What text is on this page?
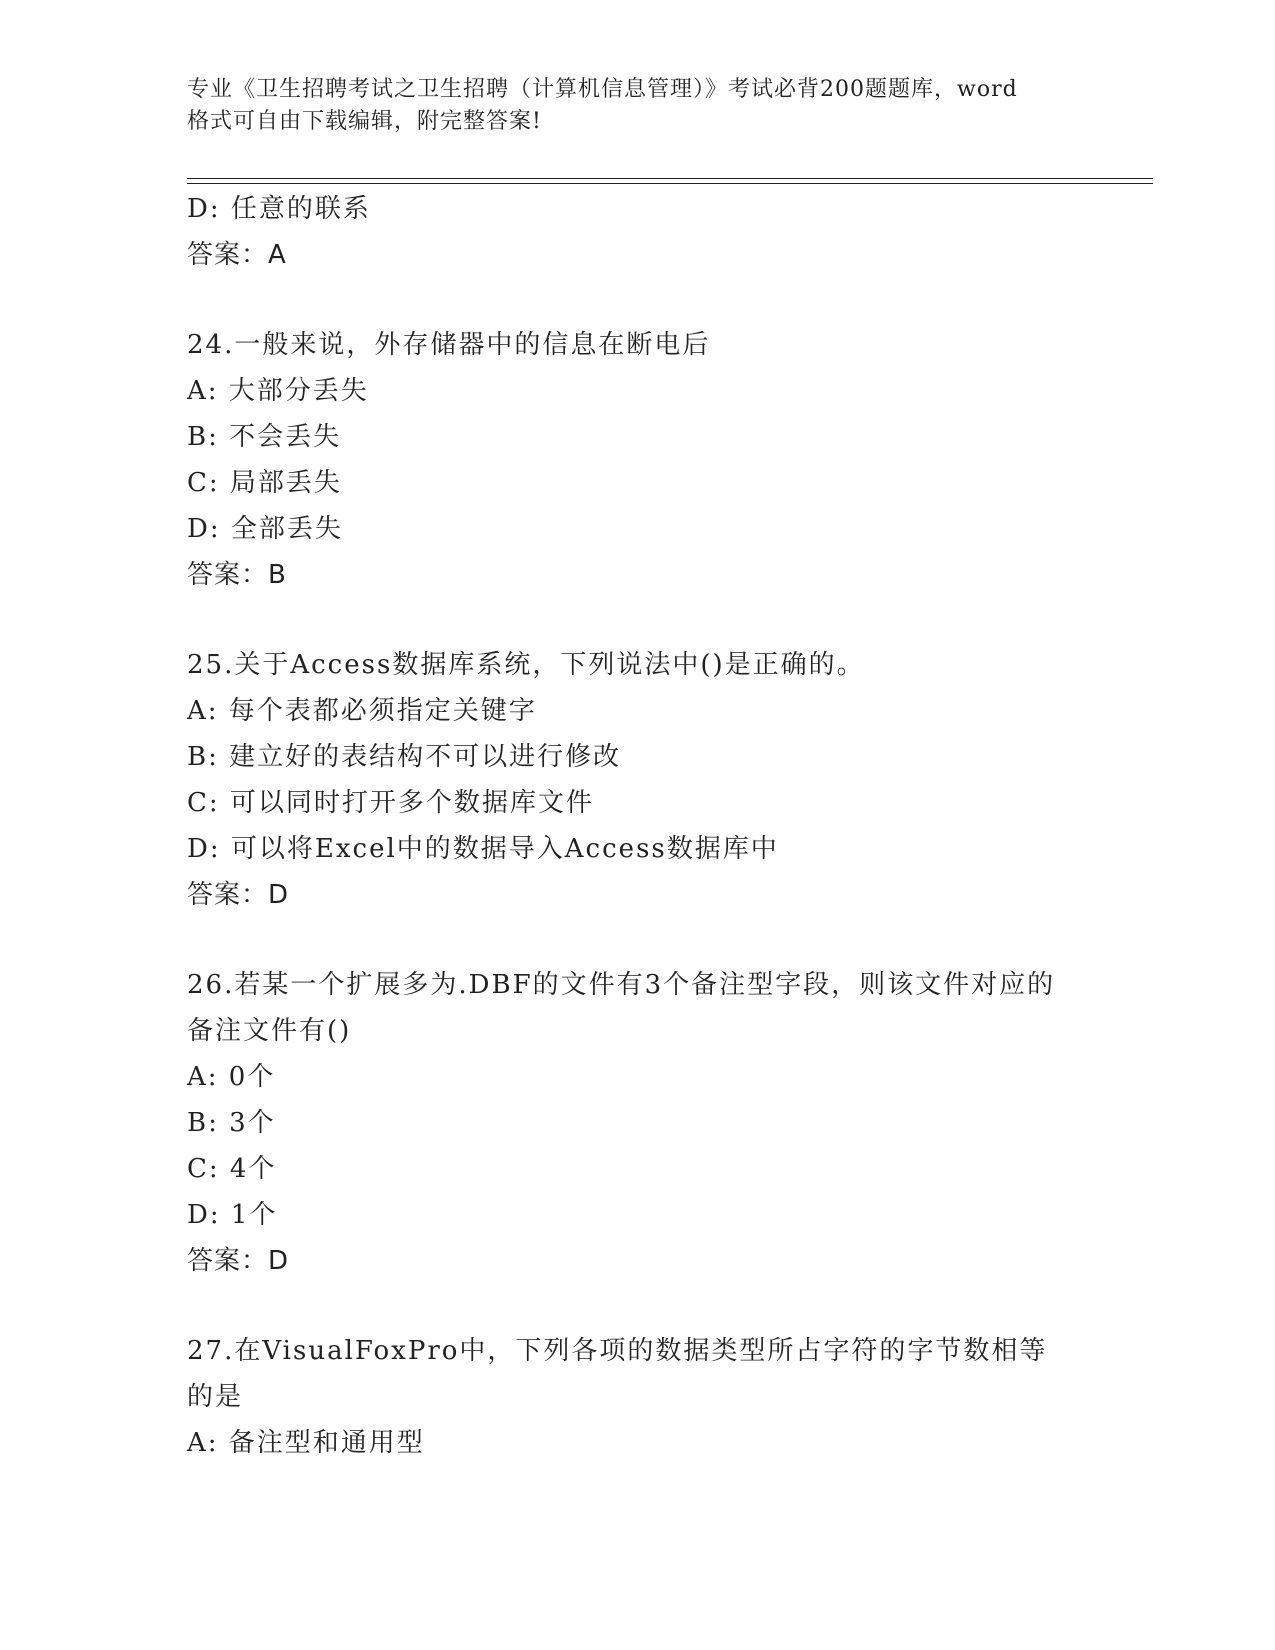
专业《卫生招聘考试之卫生招聘（计算机信息管理）》考试必背200题题库，word
格式可自由下载编辑，附完整答案!
D: 任意的联系
答案：A
24.一般来说，外存储器中的信息在断电后
A: 大部分丢失
B: 不会丢失
C: 局部丢失
D: 全部丢失
答案：B
25.关于Access数据库系统，下列说法中()是正确的。
A: 每个表都必须指定关键字
B: 建立好的表结构不可以进行修改
C: 可以同时打开多个数据库文件
D: 可以将Excel中的数据导入Access数据库中
答案：D
26.若某一个扩展多为.DBF的文件有3个备注型字段，则该文件对应的
备注文件有()
A: 0个
B: 3个
C: 4个
D: 1个
答案：D
27.在VisualFoxPro中，下列各项的数据类型所占字符的字节数相等
的是
A: 备注型和通用型
